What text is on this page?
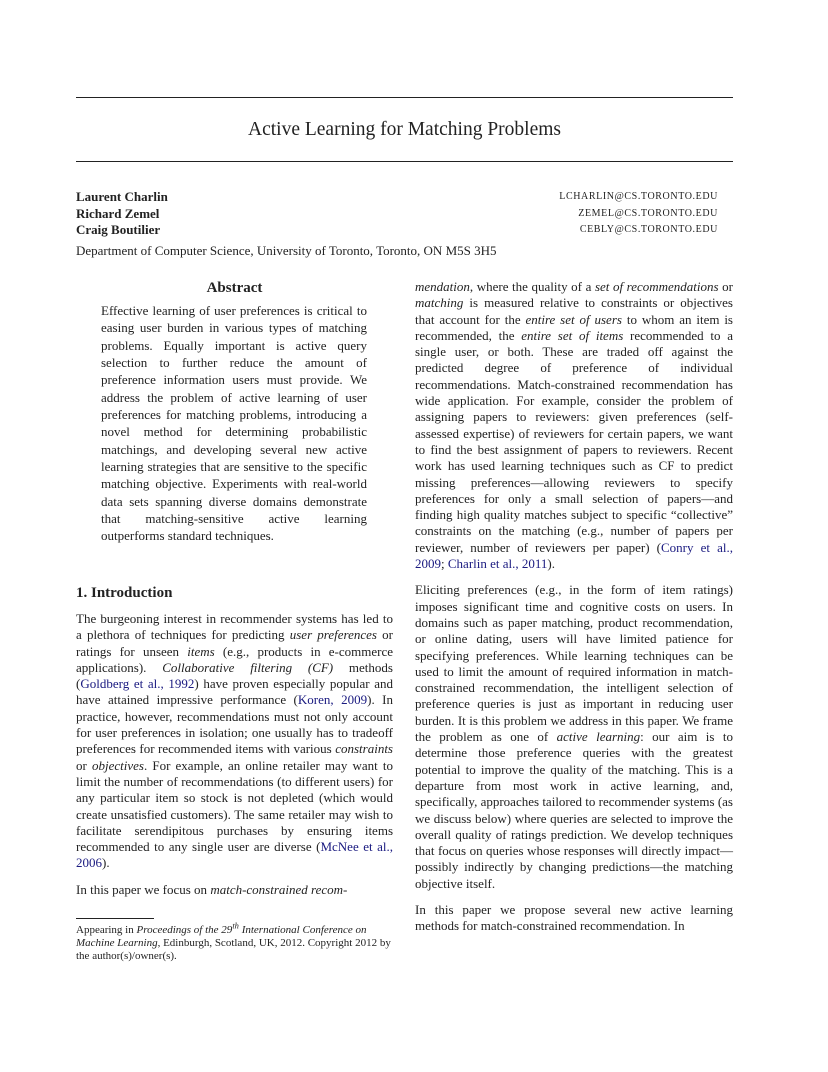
Active Learning for Matching Problems
Laurent Charlin	LCHARLIN@CS.TORONTO.EDU
Richard Zemel	ZEMEL@CS.TORONTO.EDU
Craig Boutilier	CEBLY@CS.TORONTO.EDU
Department of Computer Science, University of Toronto, Toronto, ON M5S 3H5
Abstract
Effective learning of user preferences is critical to easing user burden in various types of matching problems. Equally important is active query selection to further reduce the amount of preference information users must provide. We address the problem of active learning of user preferences for matching problems, introducing a novel method for determining probabilistic matchings, and developing several new active learning strategies that are sensitive to the specific matching objective. Experiments with real-world data sets spanning diverse domains demonstrate that matching-sensitive active learning outperforms standard techniques.
1. Introduction

The burgeoning interest in recommender systems has led to a plethora of techniques for predicting user preferences or ratings for unseen items (e.g., products in e-commerce applications). Collaborative filtering (CF) methods (Goldberg et al., 1992) have proven especially popular and have attained impressive performance (Koren, 2009). In practice, however, recommendations must not only account for user preferences in isolation; one usually has to tradeoff preferences for recommended items with various constraints or objectives. For example, an online retailer may want to limit the number of recommendations (to different users) for any particular item so stock is not depleted (which would create unsatisfied customers). The same retailer may wish to facilitate serendipitous purchases by ensuring items recommended to any single user are diverse (McNee et al., 2006).

In this paper we focus on match-constrained recom-

mendation, where the quality of a set of recommendations or matching is measured relative to constraints or objectives that account for the entire set of users to whom an item is recommended, the entire set of items recommended to a single user, or both. These are traded off against the predicted degree of preference of individual recommendations. Match-constrained recommendation has wide application. For example, consider the problem of assigning papers to reviewers: given preferences (self-assessed expertise) of reviewers for certain papers, we want to find the best assignment of papers to reviewers. Recent work has used learning techniques such as CF to predict missing preferences—allowing reviewers to specify preferences for only a small selection of papers—and finding high quality matches subject to specific “collective” constraints on the matching (e.g., number of papers per reviewer, number of reviewers per paper) (Conry et al., 2009; Charlin et al., 2011).

Eliciting preferences (e.g., in the form of item ratings) imposes significant time and cognitive costs on users. In domains such as paper matching, product recommendation, or online dating, users will have limited patience for specifying preferences. While learning techniques can be used to limit the amount of required information in match-constrained recommendation, the intelligent selection of preference queries is just as important in reducing user burden. It is this problem we address in this paper. We frame the problem as one of active learning: our aim is to determine those preference queries with the greatest potential to improve the quality of the matching. This is a departure from most work in active learning, and, specifically, approaches tailored to recommender systems (as we discuss below) where queries are selected to improve the overall quality of ratings prediction. We develop techniques that focus on queries whose responses will directly impact—possibly indirectly by changing predictions—the matching objective itself.

In this paper we propose several new active learning methods for match-constrained recommendation. In

Appearing in Proceedings of the 29th International Conference on Machine Learning, Edinburgh, Scotland, UK, 2012. Copyright 2012 by the author(s)/owner(s).
